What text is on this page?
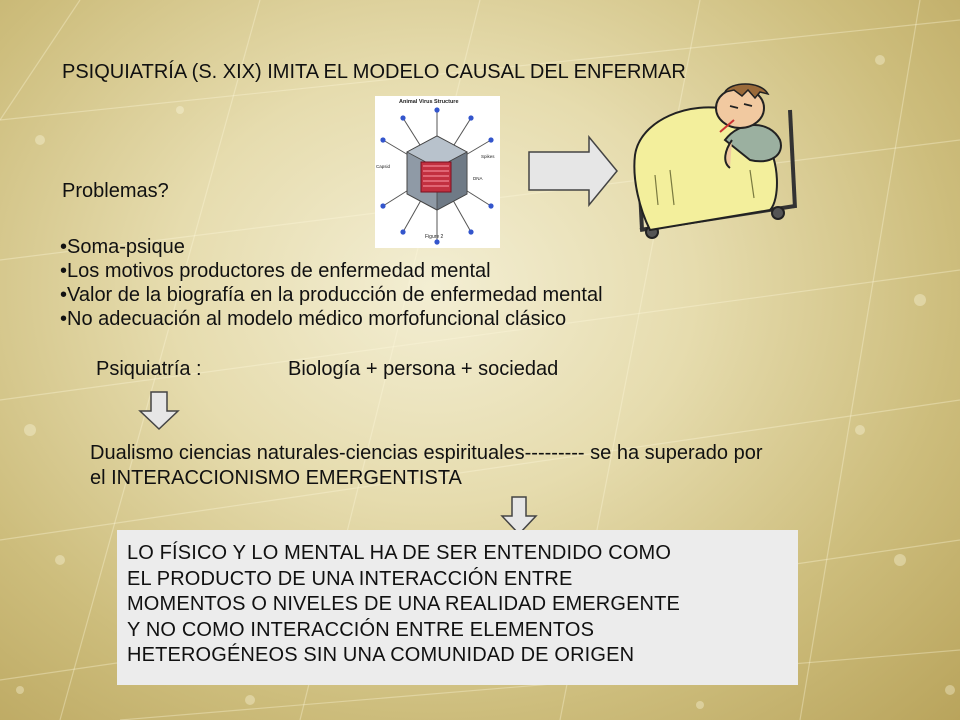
PSIQUIATRÍA (S. XIX) IMITA EL MODELO CAUSAL DEL ENFERMAR

Animal Virus Structure
Capsid
Spikes
DNA
Figure 2

Problemas?

• Soma-psique
• Los motivos productores de enfermedad mental
• Valor de la biografía en la producción de enfermedad mental
• No adecuación al modelo médico morfofuncional clásico

Psiquiatría :	Biología + persona + sociedad

Dualismo ciencias naturales-ciencias espirituales--------- se ha superado por el INTERACCIONISMO EMERGENTISTA

LO FÍSICO Y LO MENTAL HA DE SER ENTENDIDO COMO
EL PRODUCTO DE UNA INTERACCIÓN ENTRE
MOMENTOS O NIVELES DE UNA REALIDAD EMERGENTE
Y NO COMO INTERACCIÓN ENTRE ELEMENTOS
HETEROGÉNEOS SIN UNA COMUNIDAD DE ORIGEN
